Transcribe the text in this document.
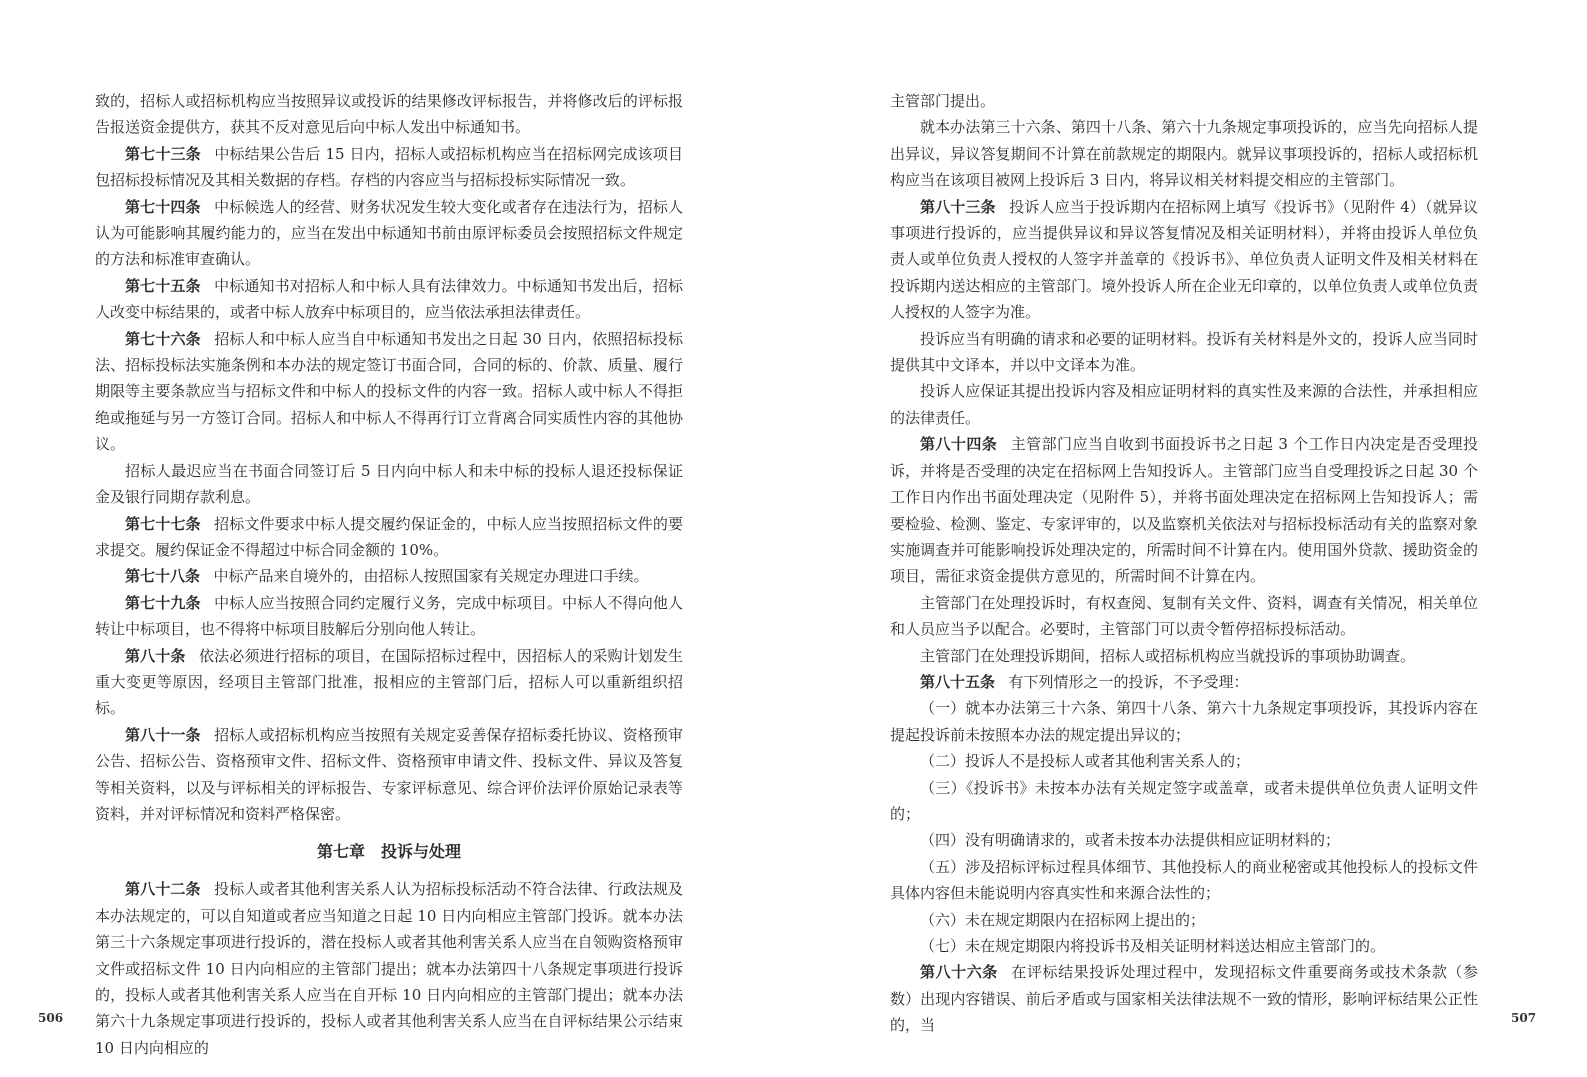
致的，招标人或招标机构应当按照异议或投诉的结果修改评标报告，并将修改后的评标报告报送资金提供方，获其不反对意见后向中标人发出中标通知书。

第七十三条 中标结果公告后 15 日内，招标人或招标机构应当在招标网完成该项目包招标投标情况及其相关数据的存档。存档的内容应当与招标投标实际情况一致。

第七十四条 中标候选人的经营、财务状况发生较大变化或者存在违法行为，招标人认为可能影响其履约能力的，应当在发出中标通知书前由原评标委员会按照招标文件规定的方法和标准审查确认。

第七十五条 中标通知书对招标人和中标人具有法律效力。中标通知书发出后，招标人改变中标结果的，或者中标人放弃中标项目的，应当依法承担法律责任。

第七十六条 招标人和中标人应当自中标通知书发出之日起 30 日内，依照招标投标法、招标投标法实施条例和本办法的规定签订书面合同，合同的标的、价款、质量、履行期限等主要条款应当与招标文件和中标人的投标文件的内容一致。招标人或中标人不得拒绝或拖延与另一方签订合同。招标人和中标人不得再行订立背离合同实质性内容的其他协议。

招标人最迟应当在书面合同签订后 5 日内向中标人和未中标的投标人退还投标保证金及银行同期存款利息。

第七十七条 招标文件要求中标人提交履约保证金的，中标人应当按照招标文件的要求提交。履约保证金不得超过中标合同金额的 10%。

第七十八条 中标产品来自境外的，由招标人按照国家有关规定办理进口手续。

第七十九条 中标人应当按照合同约定履行义务，完成中标项目。中标人不得向他人转让中标项目，也不得将中标项目肢解后分别向他人转让。

第八十条 依法必须进行招标的项目，在国际招标过程中，因招标人的采购计划发生重大变更等原因，经项目主管部门批准，报相应的主管部门后，招标人可以重新组织招标。

第八十一条 招标人或招标机构应当按照有关规定妥善保存招标委托协议、资格预审公告、招标公告、资格预审文件、招标文件、资格预审申请文件、投标文件、异议及答复等相关资料，以及与评标相关的评标报告、专家评标意见、综合评价法评价原始记录表等资料，并对评标情况和资料严格保密。

第七章　投诉与处理

第八十二条 投标人或者其他利害关系人认为招标投标活动不符合法律、行政法规及本办法规定的，可以自知道或者应当知道之日起 10 日内向相应主管部门投诉。就本办法第三十六条规定事项进行投诉的，潜在投标人或者其他利害关系人应当在自领购资格预审文件或招标文件 10 日内向相应的主管部门提出；就本办法第四十八条规定事项进行投诉的，投标人或者其他利害关系人应当在自开标 10 日内向相应的主管部门提出；就本办法第六十九条规定事项进行投诉的，投标人或者其他利害关系人应当在自评标结果公示结束 10 日内向相应的

506

主管部门提出。

就本办法第三十六条、第四十八条、第六十九条规定事项投诉的，应当先向招标人提出异议，异议答复期间不计算在前款规定的期限内。就异议事项投诉的，招标人或招标机构应当在该项目被网上投诉后 3 日内，将异议相关材料提交相应的主管部门。

第八十三条 投诉人应当于投诉期内在招标网上填写《投诉书》（见附件 4）（就异议事项进行投诉的，应当提供异议和异议答复情况及相关证明材料），并将由投诉人单位负责人或单位负责人授权的人签字并盖章的《投诉书》、单位负责人证明文件及相关材料在投诉期内送达相应的主管部门。境外投诉人所在企业无印章的，以单位负责人或单位负责人授权的人签字为准。

投诉应当有明确的请求和必要的证明材料。投诉有关材料是外文的，投诉人应当同时提供其中文译本，并以中文译本为准。

投诉人应保证其提出投诉内容及相应证明材料的真实性及来源的合法性，并承担相应的法律责任。

第八十四条 主管部门应当自收到书面投诉书之日起 3 个工作日内决定是否受理投诉，并将是否受理的决定在招标网上告知投诉人。主管部门应当自受理投诉之日起 30 个工作日内作出书面处理决定（见附件 5），并将书面处理决定在招标网上告知投诉人；需要检验、检测、鉴定、专家评审的，以及监察机关依法对与招标投标活动有关的监察对象实施调查并可能影响投诉处理决定的，所需时间不计算在内。使用国外贷款、援助资金的项目，需征求资金提供方意见的，所需时间不计算在内。

主管部门在处理投诉时，有权查阅、复制有关文件、资料，调查有关情况，相关单位和人员应当予以配合。必要时，主管部门可以责令暂停招标投标活动。

主管部门在处理投诉期间，招标人或招标机构应当就投诉的事项协助调查。

第八十五条 有下列情形之一的投诉，不予受理：

（一）就本办法第三十六条、第四十八条、第六十九条规定事项投诉，其投诉内容在提起投诉前未按照本办法的规定提出异议的；

（二）投诉人不是投标人或者其他利害关系人的；

（三）《投诉书》未按本办法有关规定签字或盖章，或者未提供单位负责人证明文件的；

（四）没有明确请求的，或者未按本办法提供相应证明材料的；

（五）涉及招标评标过程具体细节、其他投标人的商业秘密或其他投标人的投标文件具体内容但未能说明内容真实性和来源合法性的；

（六）未在规定期限内在招标网上提出的；

（七）未在规定期限内将投诉书及相关证明材料送达相应主管部门的。

第八十六条 在评标结果投诉处理过程中，发现招标文件重要商务或技术条款（参数）出现内容错误、前后矛盾或与国家相关法律法规不一致的情形，影响评标结果公正性的，当	507
